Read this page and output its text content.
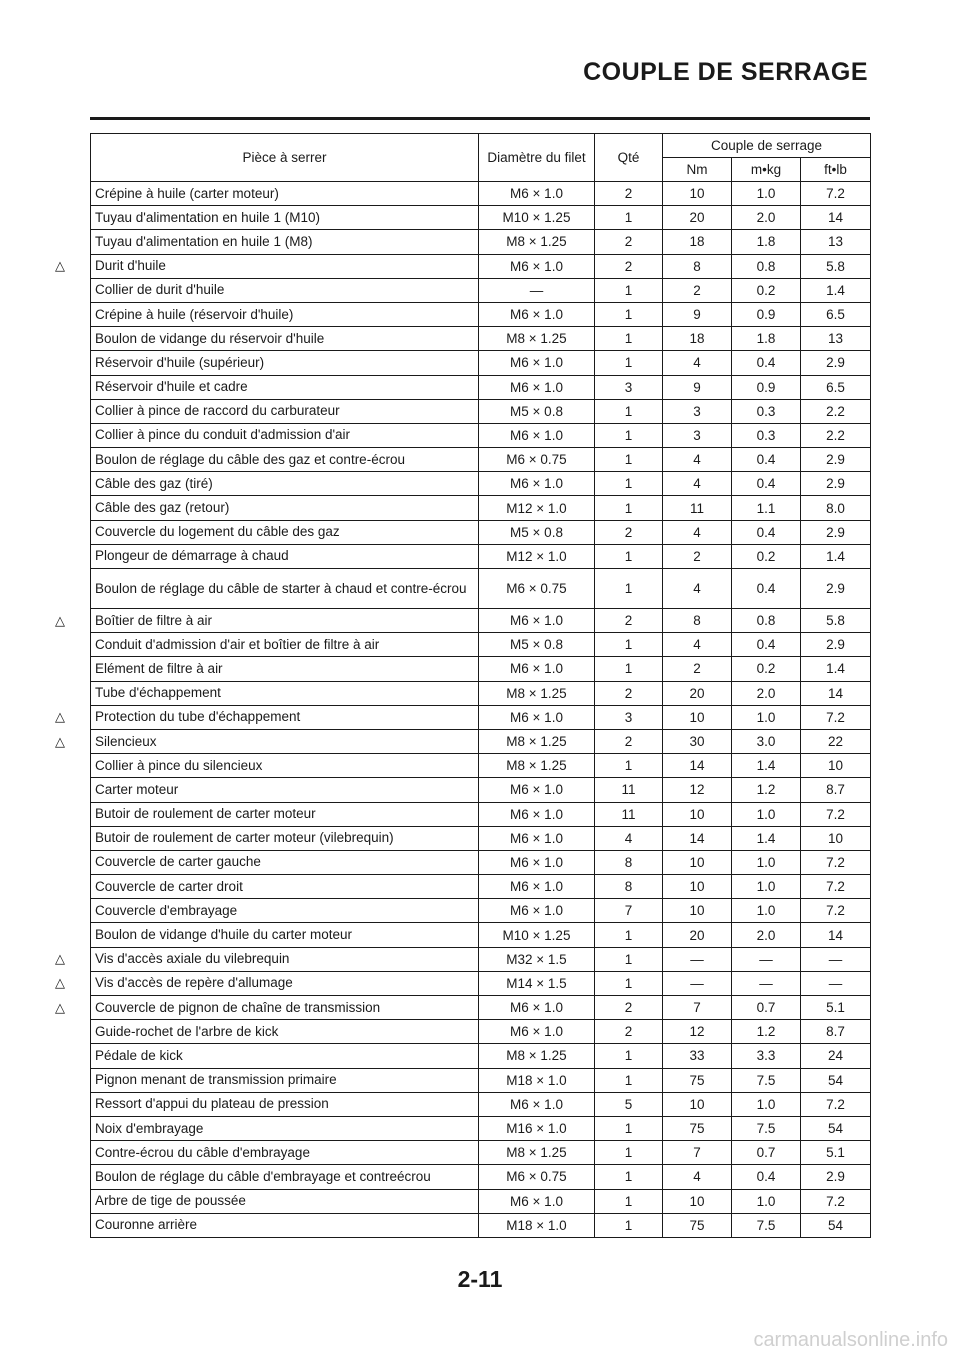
COUPLE DE SERRAGE
Pièce à serrer	Diamètre du filet	Qté	Couple de serrage		
			Nm	m•kg	ft•lb
Crépine à huile (carter moteur)	M6 × 1.0	2	10	1.0	7.2
Tuyau d'alimentation en huile 1 (M10)	M10 × 1.25	1	20	2.0	14
Tuyau d'alimentation en huile 1 (M8)	M8 × 1.25	2	18	1.8	13

△ Durit d'huile	M6 × 1.0	2	8	0.8	5.8
Collier de durit d'huile	—	1	2	0.2	1.4
Crépine à huile (réservoir d'huile)	M6 × 1.0	1	9	0.9	6.5
Boulon de vidange du réservoir d'huile	M8 × 1.25	1	18	1.8	13
Réservoir d'huile (supérieur)	M6 × 1.0	1	4	0.4	2.9
Réservoir d'huile et cadre	M6 × 1.0	3	9	0.9	6.5
Collier à pince de raccord du carburateur	M5 × 0.8	1	3	0.3	2.2
Collier à pince du conduit d'admission d'air	M6 × 1.0	1	3	0.3	2.2
Boulon de réglage du câble des gaz et contre-écrou	M6 × 0.75	1	4	0.4	2.9
Câble des gaz (tiré)	M6 × 1.0	1	4	0.4	2.9
Câble des gaz (retour)	M12 × 1.0	1	11	1.1	8.0
Couvercle du logement du câble des gaz	M5 × 0.8	2	4	0.4	2.9
Plongeur de démarrage à chaud	M12 × 1.0	1	2	0.2	1.4
Boulon de réglage du câble de starter à chaud et contre-écrou	M6 × 0.75	1	4	0.4	2.9

△ Boîtier de filtre à air	M6 × 1.0	2	8	0.8	5.8
Conduit d'admission d'air et boîtier de filtre à air	M5 × 0.8	1	4	0.4	2.9
Elément de filtre à air	M6 × 1.0	1	2	0.2	1.4
Tube d'échappement	M8 × 1.25	2	20	2.0	14

△ Protection du tube d'échappement	M6 × 1.0	3	10	1.0	7.2

△ Silencieux	M8 × 1.25	2	30	3.0	22
Collier à pince du silencieux	M8 × 1.25	1	14	1.4	10
Carter moteur	M6 × 1.0	11	12	1.2	8.7
Butoir de roulement de carter moteur	M6 × 1.0	11	10	1.0	7.2
Butoir de roulement de carter moteur (vilebrequin)	M6 × 1.0	4	14	1.4	10
Couvercle de carter gauche	M6 × 1.0	8	10	1.0	7.2
Couvercle de carter droit	M6 × 1.0	8	10	1.0	7.2
Couvercle d'embrayage	M6 × 1.0	7	10	1.0	7.2
Boulon de vidange d'huile du carter moteur	M10 × 1.25	1	20	2.0	14

△ Vis d'accès axiale du vilebrequin	M32 × 1.5	1	—	—	—

△ Vis d'accès de repère d'allumage	M14 × 1.5	1	—	—	—

△ Couvercle de pignon de chaîne de transmission	M6 × 1.0	2	7	0.7	5.1
Guide-rochet de l'arbre de kick	M6 × 1.0	2	12	1.2	8.7
Pédale de kick	M8 × 1.25	1	33	3.3	24
Pignon menant de transmission primaire	M18 × 1.0	1	75	7.5	54
Ressort d'appui du plateau de pression	M6 × 1.0	5	10	1.0	7.2
Noix d'embrayage	M16 × 1.0	1	75	7.5	54
Contre-écrou du câble d'embrayage	M8 × 1.25	1	7	0.7	5.1
Boulon de réglage du câble d'embrayage et contreécrou	M6 × 0.75	1	4	0.4	2.9
Arbre de tige de poussée	M6 × 1.0	1	10	1.0	7.2
Couronne arrière	M18 × 1.0	1	75	7.5	54
2-11
carmanualsonline.info
